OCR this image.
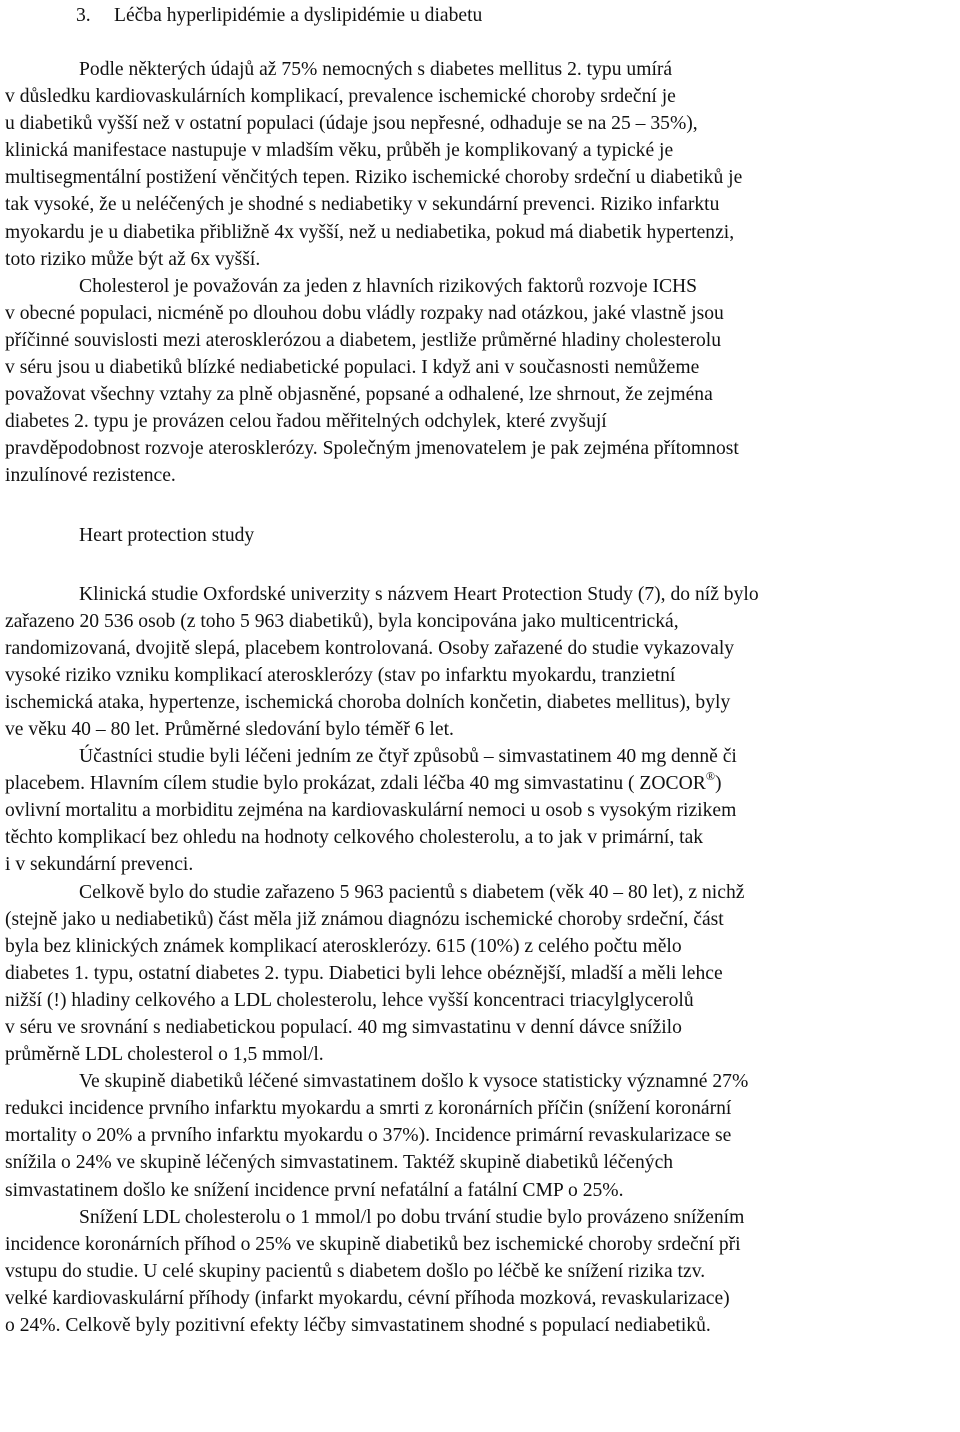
3. Léčba hyperlipidémie a dyslipidémie u diabetu
Podle některých údajů až 75% nemocných s diabetes mellitus 2. typu umírá
v důsledku kardiovaskulárních komplikací, prevalence ischemické choroby srdeční je
u diabetiků vyšší než v ostatní populaci (údaje jsou nepřesné, odhaduje se na 25 – 35%),
klinická manifestace nastupuje v mladším věku, průběh je komplikovaný a typické je
multisegmentální postižení věnčitých tepen. Riziko ischemické choroby srdeční u diabetiků je
tak vysoké, že u neléčených je shodné s nediabetiky v sekundární prevenci. Riziko infarktu
myokardu je u diabetika přibližně 4x vyšší, než u nediabetika, pokud má diabetik hypertenzi,
toto riziko může být až 6x vyšší.
Cholesterol je považován za jeden z hlavních rizikových faktorů rozvoje ICHS
v obecné populaci, nicméně po dlouhou dobu vládly rozpaky nad otázkou, jaké vlastně jsou
příčinné souvislosti mezi aterosklerózou a diabetem, jestliže průměrné hladiny cholesterolu
v séru jsou u diabetiků blízké nediabetické populaci. I když ani v současnosti nemůžeme
považovat všechny vztahy za plně objasněné, popsané a odhalené, lze shrnout, že zejména
diabetes 2. typu je provázen celou řadou měřitelných odchylek, které zvyšují
pravděpodobnost rozvoje aterosklerózy. Společným jmenovatelem je pak zejména přítomnost
inzulínové rezistence.
Heart protection study
Klinická studie Oxfordské univerzity s názvem Heart Protection Study (7), do níž bylo
zařazeno 20 536 osob (z toho 5 963 diabetiků), byla koncipována jako multicentrická,
randomizovaná, dvojitě slepá, placebem kontrolovaná. Osoby zařazené do studie vykazovaly
vysoké riziko vzniku komplikací aterosklerózy (stav po infarktu myokardu, tranzietní
ischemická ataka, hypertenze, ischemická choroba dolních končetin, diabetes mellitus), byly
ve věku 40 – 80 let. Průměrné sledování bylo téměř 6 let.
Účastníci studie byli léčeni jedním ze čtyř způsobů – simvastatinem 40 mg denně či
placebem. Hlavním cílem studie bylo prokázat, zdali léčba 40 mg simvastatinu ( ZOCOR®)
ovlivní mortalitu a morbiditu zejména na kardiovaskulární nemoci u osob s vysokým rizikem
těchto komplikací bez ohledu na hodnoty celkového cholesterolu, a to jak v primární, tak
i v sekundární prevenci.
Celkově bylo do studie zařazeno 5 963 pacientů s diabetem (věk 40 – 80 let), z nichž
(stejně jako u nediabetiků) část měla již známou diagnózu ischemické choroby srdeční, část
byla bez klinických známek komplikací aterosklerózy. 615 (10%) z celého počtu mělo
diabetes 1. typu, ostatní diabetes 2. typu. Diabetici byli lehce obéznější, mladší a měli lehce
nižší (!) hladiny celkového a LDL cholesterolu, lehce vyšší koncentraci triacylglycerolů
v séru ve srovnání s nediabetickou populací. 40 mg simvastatinu v denní dávce snížilo
průměrně LDL cholesterol o 1,5 mmol/l.
Ve skupině diabetiků léčené simvastatinem došlo k vysoce statisticky významné 27%
redukci incidence prvního infarktu myokardu a smrti z koronárních příčin (snížení koronární
mortality o 20% a prvního infarktu myokardu o 37%). Incidence primární revaskularizace se
snížila o 24% ve skupině léčených simvastatinem. Taktéž skupině diabetiků léčených
simvastatinem došlo ke snížení incidence první nefatální a fatální CMP o 25%.
Snížení LDL cholesterolu o 1 mmol/l po dobu trvání studie bylo provázeno snížením
incidence koronárních příhod o 25% ve skupině diabetiků bez ischemické choroby srdeční při
vstupu do studie. U celé skupiny pacientů s diabetem došlo po léčbě ke snížení rizika tzv.
velké kardiovaskulární příhody (infarkt myokardu, cévní příhoda mozková, revaskularizace)
o 24%. Celkově byly pozitivní efekty léčby simvastatinem shodné s populací nediabetiků.
